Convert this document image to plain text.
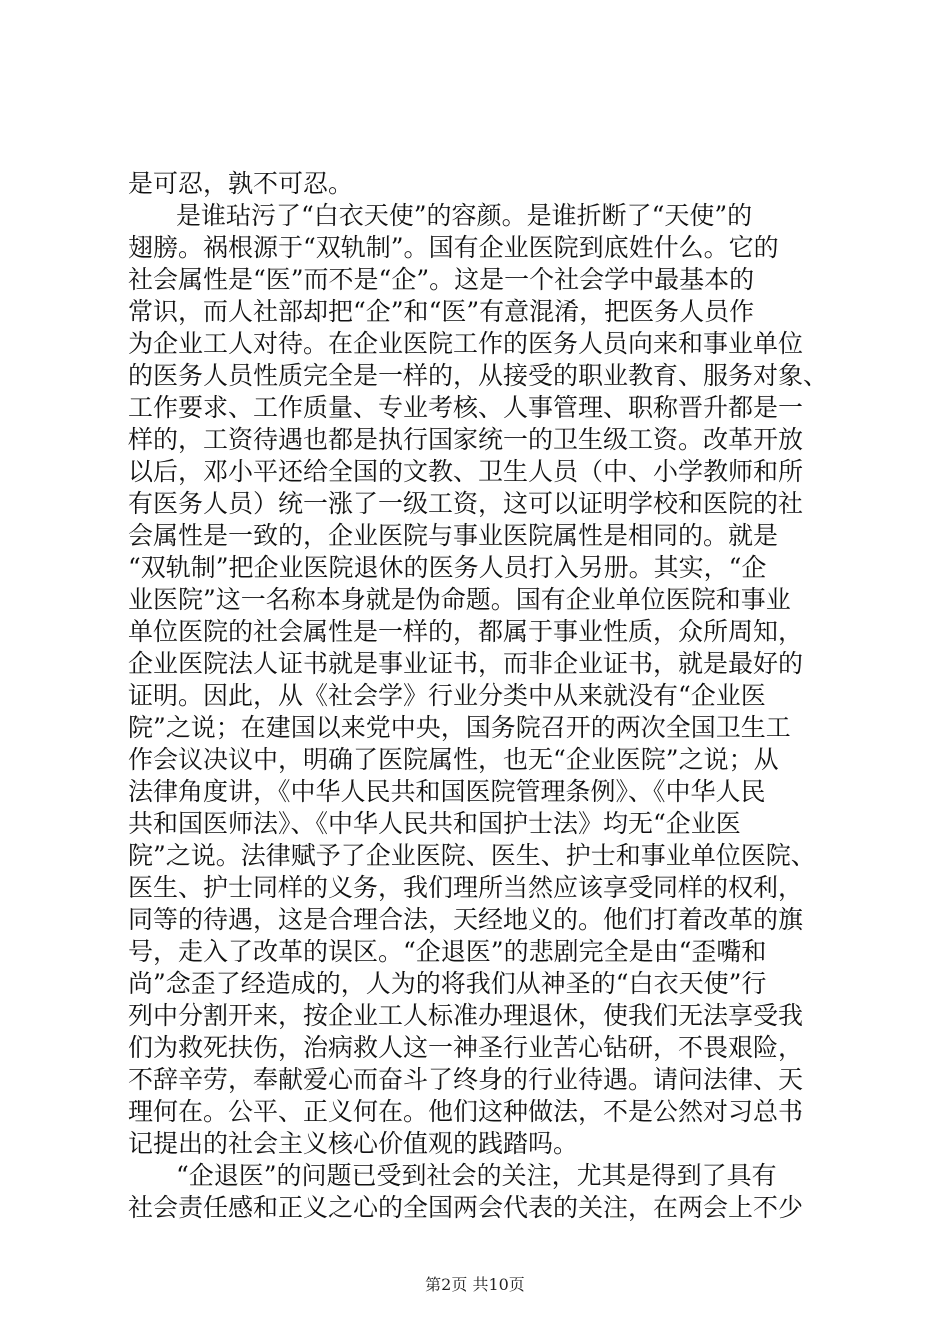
是可忍，孰不可忍。
是谁玷污了“白衣天使”的容颜。是谁折断了“天使”的
翅膀。祸根源于“双轨制”。国有企业医院到底姓什么。它的
社会属性是“医”而不是“企”。这是一个社会学中最基本的
常识，而人社部却把“企”和“医”有意混淆，把医务人员作
为企业工人对待。在企业医院工作的医务人员向来和事业单位
的医务人员性质完全是一样的，从接受的职业教育、服务对象、
工作要求、工作质量、专业考核、人事管理、职称晋升都是一
样的，工资待遇也都是执行国家统一的卫生级工资。改革开放
以后，邓小平还给全国的文教、卫生人员（中、小学教师和所
有医务人员）统一涨了一级工资，这可以证明学校和医院的社
会属性是一致的，企业医院与事业医院属性是相同的。就是
“双轨制”把企业医院退休的医务人员打入另册。其实，“企
业医院”这一名称本身就是伪命题。国有企业单位医院和事业
单位医院的社会属性是一样的，都属于事业性质，众所周知，
企业医院法人证书就是事业证书，而非企业证书，就是最好的
证明。因此，从《社会学》行业分类中从来就没有“企业医
院”之说；在建国以来党中央，国务院召开的两次全国卫生工
作会议决议中，明确了医院属性，也无“企业医院”之说；从
法律角度讲，《中华人民共和国医院管理条例》、《中华人民
共和国医师法》、《中华人民共和国护士法》均无“企业医
院”之说。法律赋予了企业医院、医生、护士和事业单位医院、
医生、护士同样的义务，我们理所当然应该享受同样的权利，
同等的待遇，这是合理合法，天经地义的。他们打着改革的旗
号，走入了改革的误区。“企退医”的悲剧完全是由“歪嘴和
尚”念歪了经造成的，人为的将我们从神圣的“白衣天使”行
列中分割开来，按企业工人标准办理退休，使我们无法享受我
们为救死扶伤，治病救人这一神圣行业苦心钻研，不畏艰险，
不辞辛劳，奉献爱心而奋斗了终身的行业待遇。请问法律、天
理何在。公平、正义何在。他们这种做法，不是公然对习总书
记提出的社会主义核心价值观的践踏吗。
“企退医”的问题已受到社会的关注，尤其是得到了具有
社会责任感和正义之心的全国两会代表的关注，在两会上不少
第2页 共10页
